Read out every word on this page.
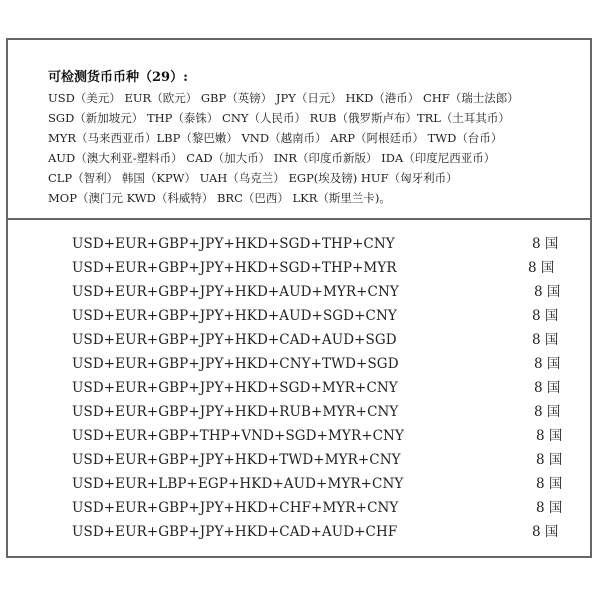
可检测货币币种（29）:
USD（美元） EUR（欧元） GBP（英镑） JPY（日元） HKD（港币） CHF（瑞士法郎）
SGD（新加坡元） THP（泰铢） CNY（人民币） RUB（俄罗斯卢布）TRL（土耳其币）
MYR（马来西亚币）LBP（黎巴嫩） VND（越南币） ARP（阿根廷币） TWD（台币）
AUD（澳大利亚-塑料币） CAD（加大币） INR（印度币新版） IDA（印度尼西亚币）
CLP（智利） 韩国（KPW） UAH（乌克兰） EGP(埃及镑) HUF（匈牙利币）
MOP（澳门元 KWD（科威特） BRC（巴西） LKR（斯里兰卡)。
USD+EUR+GBP+JPY+HKD+SGD+THP+CNY	8 国
USD+EUR+GBP+JPY+HKD+SGD+THP+MYR	8 国
USD+EUR+GBP+JPY+HKD+AUD+MYR+CNY	8 国
USD+EUR+GBP+JPY+HKD+AUD+SGD+CNY	8 国
USD+EUR+GBP+JPY+HKD+CAD+AUD+SGD	8 国
USD+EUR+GBP+JPY+HKD+CNY+TWD+SGD	8 国
USD+EUR+GBP+JPY+HKD+SGD+MYR+CNY	8 国
USD+EUR+GBP+JPY+HKD+RUB+MYR+CNY	8 国
USD+EUR+GBP+THP+VND+SGD+MYR+CNY	8 国
USD+EUR+GBP+JPY+HKD+TWD+MYR+CNY	8 国
USD+EUR+LBP+EGP+HKD+AUD+MYR+CNY	8 国
USD+EUR+GBP+JPY+HKD+CHF+MYR+CNY	8 国
USD+EUR+GBP+JPY+HKD+CAD+AUD+CHF	8 国
